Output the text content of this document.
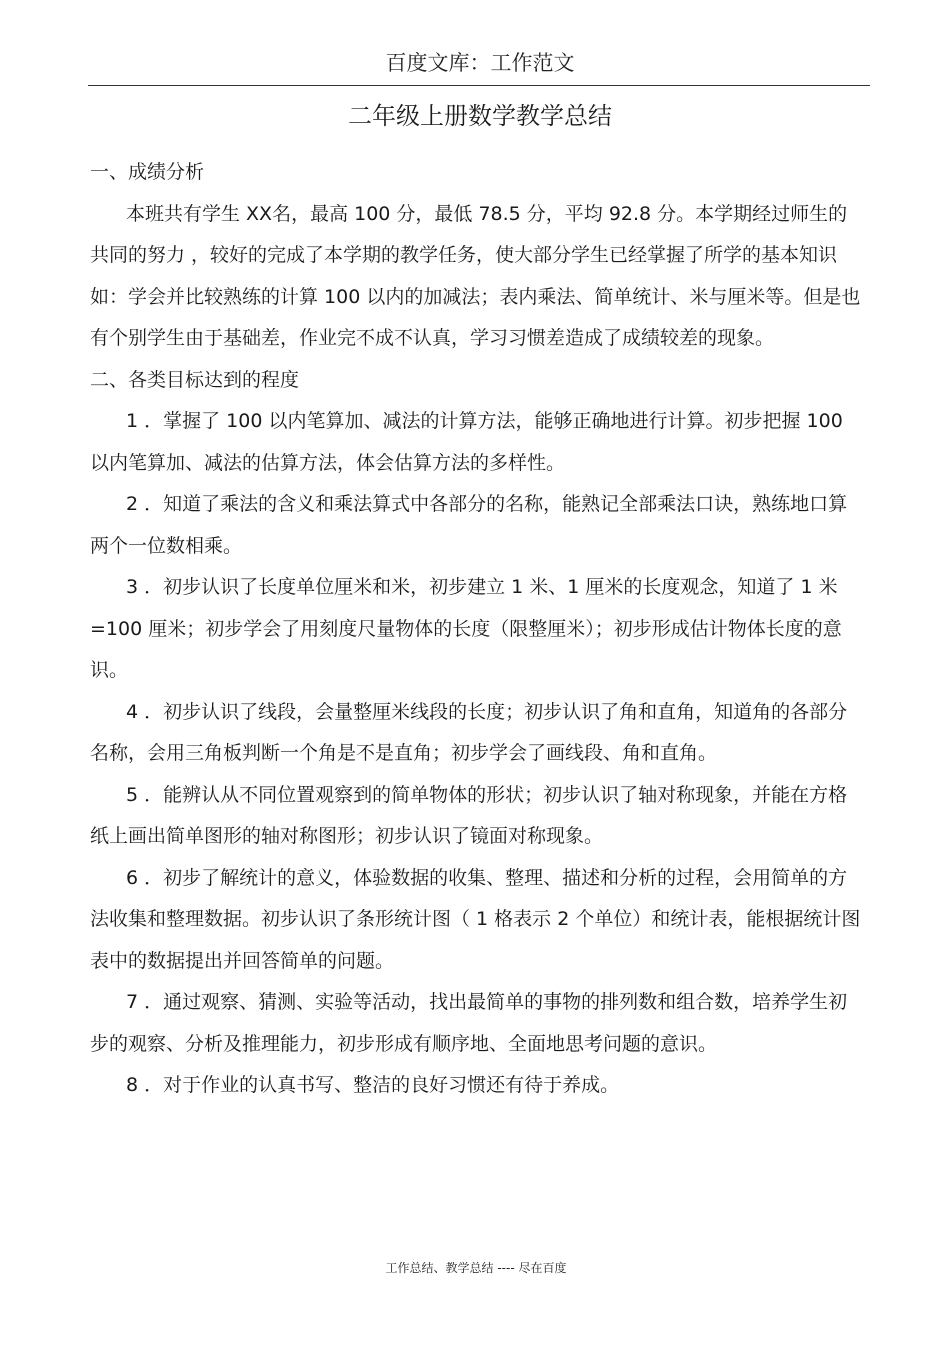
百度文库：工作范文
二年级上册数学教学总结

一、成绩分析

本班共有学生 XX名，最高 100 分，最低 78.5 分，平均 92.8 分。本学期经过师生的共同的努力 ，较好的完成了本学期的教学任务，使大部分学生已经掌握了所学的基本知识如：学会并比较熟练的计算 100 以内的加减法；表内乘法、简单统计、米与厘米等。但是也有个别学生由于基础差，作业完不成不认真，学习习惯差造成了成绩较差的现象。

二、各类目标达到的程度

1 ．掌握了 100 以内笔算加、减法的计算方法，能够正确地进行计算。初步把握 100 以内笔算加、减法的估算方法，体会估算方法的多样性。

2 ．知道了乘法的含义和乘法算式中各部分的名称，能熟记全部乘法口诀，熟练地口算两个一位数相乘。

3 ．初步认识了长度单位厘米和米，初步建立 1 米、1 厘米的长度观念，知道了 1 米=100 厘米；初步学会了用刻度尺量物体的长度（限整厘米）；初步形成估计物体长度的意识。

4 ．初步认识了线段，会量整厘米线段的长度；初步认识了角和直角，知道角的各部分名称，会用三角板判断一个角是不是直角；初步学会了画线段、角和直角。

5 ．能辨认从不同位置观察到的简单物体的形状；初步认识了轴对称现象，并能在方格纸上画出简单图形的轴对称图形；初步认识了镜面对称现象。

6 ．初步了解统计的意义，体验数据的收集、整理、描述和分析的过程，会用简单的方法收集和整理数据。初步认识了条形统计图（ 1 格表示 2 个单位）和统计表，能根据统计图表中的数据提出并回答简单的问题。

7 ．通过观察、猜测、实验等活动，找出最简单的事物的排列数和组合数，培养学生初步的观察、分析及推理能力，初步形成有顺序地、全面地思考问题的意识。

8 ．对于作业的认真书写、整洁的良好习惯还有待于养成。

工作总结、教学总结 ---- 尽在百度
